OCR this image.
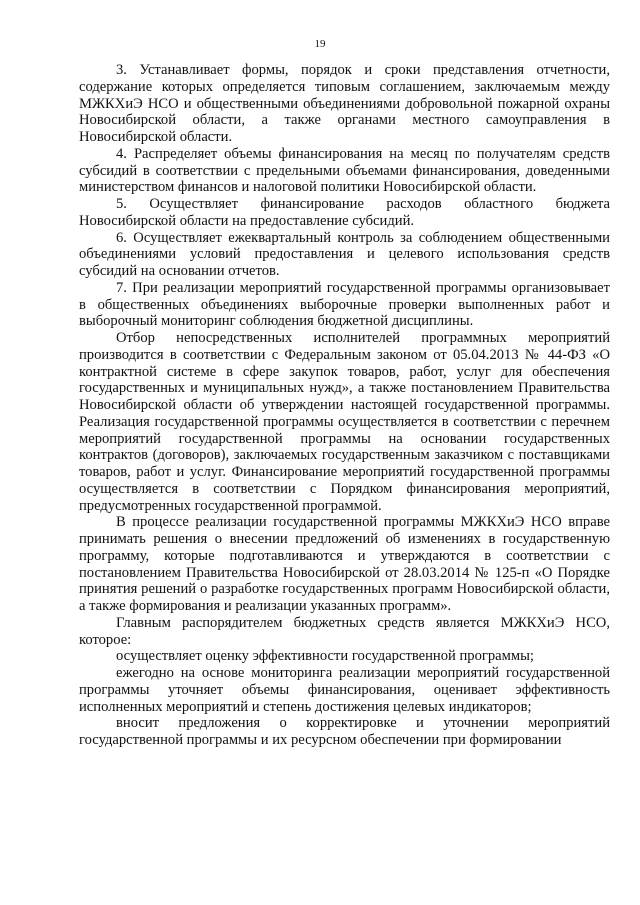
19

3. Устанавливает формы, порядок и сроки представления отчетности, содержание которых определяется типовым соглашением, заключаемым между МЖКХиЭ НСО и общественными объединениями добровольной пожарной охраны Новосибирской области, а также органами местного самоуправления в Новосибирской области.

4. Распределяет объемы финансирования на месяц по получателям средств субсидий в соответствии с предельными объемами финансирования, доведенными министерством финансов и налоговой политики Новосибирской области.

5. Осуществляет финансирование расходов областного бюджета Новосибирской области на предоставление субсидий.

6. Осуществляет ежеквартальный контроль за соблюдением общественными объединениями условий предоставления и целевого использования средств субсидий на основании отчетов.

7. При реализации мероприятий государственной программы организовывает в общественных объединениях выборочные проверки выполненных работ и выборочный мониторинг соблюдения бюджетной дисциплины.

Отбор непосредственных исполнителей программных мероприятий производится в соответствии с Федеральным законом от 05.04.2013 № 44-ФЗ «О контрактной системе в сфере закупок товаров, работ, услуг для обеспечения государственных и муниципальных нужд», а также постановлением Правительства Новосибирской области об утверждении настоящей государственной программы. Реализация государственной программы осуществляется в соответствии с перечнем мероприятий государственной программы на основании государственных контрактов (договоров), заключаемых государственным заказчиком с поставщиками товаров, работ и услуг. Финансирование мероприятий государственной программы осуществляется в соответствии с Порядком финансирования мероприятий, предусмотренных государственной программой.

В процессе реализации государственной программы МЖКХиЭ НСО вправе принимать решения о внесении предложений об изменениях в государственную программу, которые подготавливаются и утверждаются в соответствии с постановлением Правительства Новосибирской от 28.03.2014 № 125-п «О Порядке принятия решений о разработке государственных программ Новосибирской области, а также формирования и реализации указанных программ».

Главным распорядителем бюджетных средств является МЖКХиЭ НСО, которое:

осуществляет оценку эффективности государственной программы;

ежегодно на основе мониторинга реализации мероприятий государственной программы уточняет объемы финансирования, оценивает эффективность исполненных мероприятий и степень достижения целевых индикаторов;

вносит предложения о корректировке и уточнении мероприятий государственной программы и их ресурсном обеспечении при формировании
